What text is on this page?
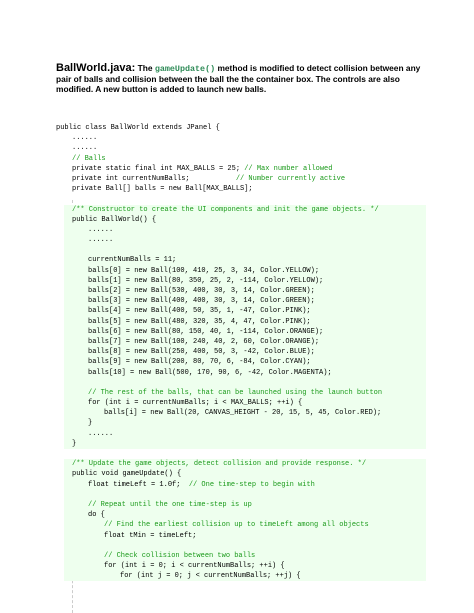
BallWorld.java: The gameUpdate() method is modified to detect collision between any pair of balls and collision between the ball the the container box. The controls are also modified. A new button is added to launch new balls.
public class BallWorld extends JPanel {
......
......
// Balls
private static final int MAX_BALLS = 25; // Max number allowed
private int currentNumBalls;           // Number currently active
private Ball[] balls = new Ball[MAX_BALLS];
/** Constructor to create the UI components and init the game objects. */
public BallWorld() {
......
......
currentNumBalls = 11;
balls[0] = new Ball(100, 410, 25, 3, 34, Color.YELLOW);
balls[1] = new Ball(80, 350, 25, 2, -114, Color.YELLOW);
balls[2] = new Ball(530, 400, 30, 3, 14, Color.GREEN);
balls[3] = new Ball(400, 400, 30, 3, 14, Color.GREEN);
balls[4] = new Ball(400, 50, 35, 1, -47, Color.PINK);
balls[5] = new Ball(480, 320, 35, 4, 47, Color.PINK);
balls[6] = new Ball(80, 150, 40, 1, -114, Color.ORANGE);
balls[7] = new Ball(100, 240, 40, 2, 60, Color.ORANGE);
balls[8] = new Ball(250, 400, 50, 3, -42, Color.BLUE);
balls[9] = new Ball(200, 80, 70, 6, -84, Color.CYAN);
balls[10] = new Ball(500, 170, 90, 6, -42, Color.MAGENTA);
// The rest of the balls, that can be launched using the launch button
for (int i = currentNumBalls; i < MAX_BALLS; ++i) {
balls[i] = new Ball(20, CANVAS_HEIGHT - 20, 15, 5, 45, Color.RED);
}
......
}
/** Update the game objects, detect collision and provide response. */
public void gameUpdate() {
float timeLeft = 1.0f;  // One time-step to begin with
// Repeat until the one time-step is up
do {
// Find the earliest collision up to timeLeft among all objects
float tMin = timeLeft;
// Check collision between two balls
for (int i = 0; i < currentNumBalls; ++i) {
for (int j = 0; j < currentNumBalls; ++j) {
